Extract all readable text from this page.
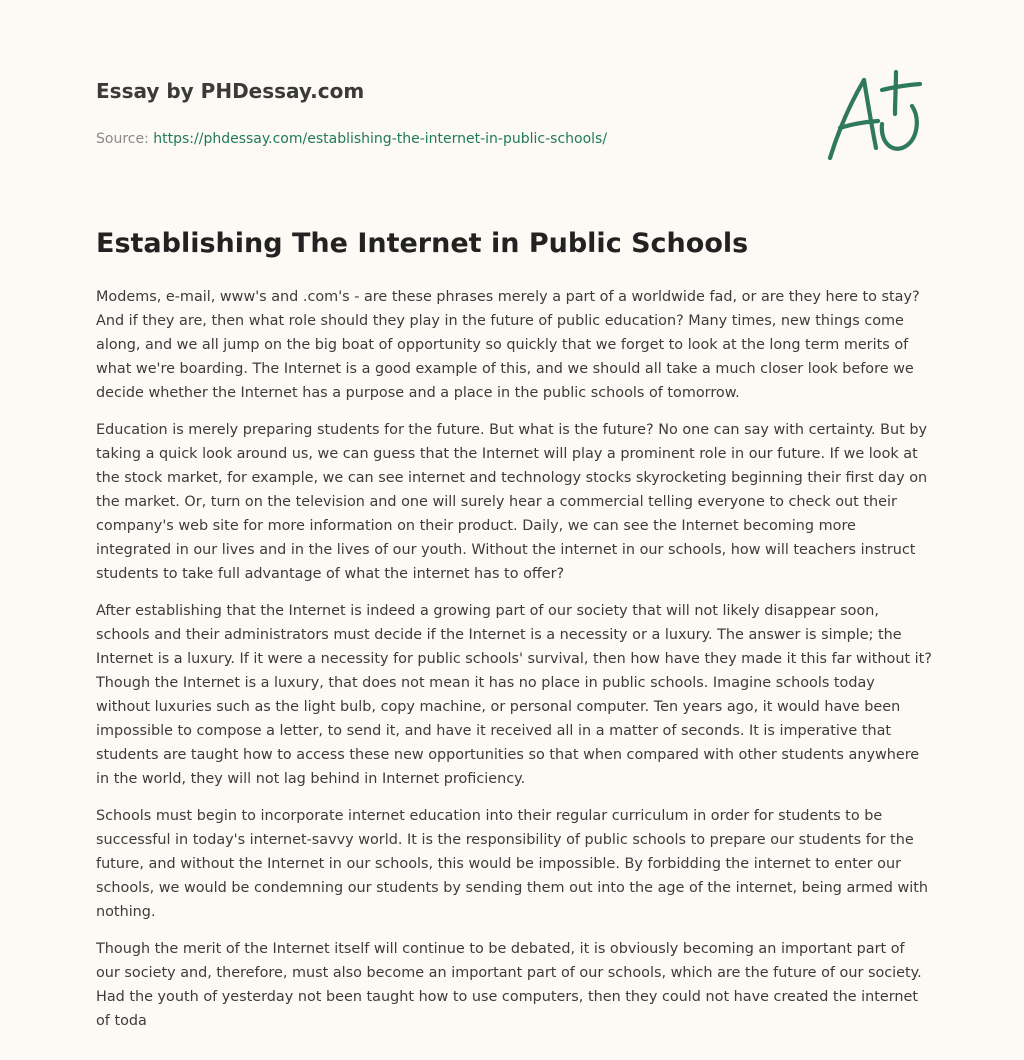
Essay by PHDessay.com
Source: https://phdessay.com/establishing-the-internet-in-public-schools/
Establishing The Internet in Public Schools

Modems, e-mail, www's and .com's - are these phrases merely a part of a worldwide fad, or are they here to stay? And if they are, then what role should they play in the future of public education? Many times, new things come along, and we all jump on the big boat of opportunity so quickly that we forget to look at the long term merits of what we're boarding. The Internet is a good example of this, and we should all take a much closer look before we decide whether the Internet has a purpose and a place in the public schools of tomorrow.

Education is merely preparing students for the future. But what is the future? No one can say with certainty. But by taking a quick look around us, we can guess that the Internet will play a prominent role in our future. If we look at the stock market, for example, we can see internet and technology stocks skyrocketing beginning their first day on the market. Or, turn on the television and one will surely hear a commercial telling everyone to check out their company's web site for more information on their product. Daily, we can see the Internet becoming more integrated in our lives and in the lives of our youth. Without the internet in our schools, how will teachers instruct students to take full advantage of what the internet has to offer?

After establishing that the Internet is indeed a growing part of our society that will not likely disappear soon, schools and their administrators must decide if the Internet is a necessity or a luxury. The answer is simple; the Internet is a luxury. If it were a necessity for public schools' survival, then how have they made it this far without it? Though the Internet is a luxury, that does not mean it has no place in public schools. Imagine schools today without luxuries such as the light bulb, copy machine, or personal computer. Ten years ago, it would have been impossible to compose a letter, to send it, and have it received all in a matter of seconds. It is imperative that students are taught how to access these new opportunities so that when compared with other students anywhere in the world, they will not lag behind in Internet proficiency.

Schools must begin to incorporate internet education into their regular curriculum in order for students to be successful in today's internet-savvy world. It is the responsibility of public schools to prepare our students for the future, and without the Internet in our schools, this would be impossible. By forbidding the internet to enter our schools, we would be condemning our students by sending them out into the age of the internet, being armed with nothing.

Though the merit of the Internet itself will continue to be debated, it is obviously becoming an important part of our society and, therefore, must also become an important part of our schools, which are the future of our society. Had the youth of yesterday not been taught how to use computers, then they could not have created the internet of toda
